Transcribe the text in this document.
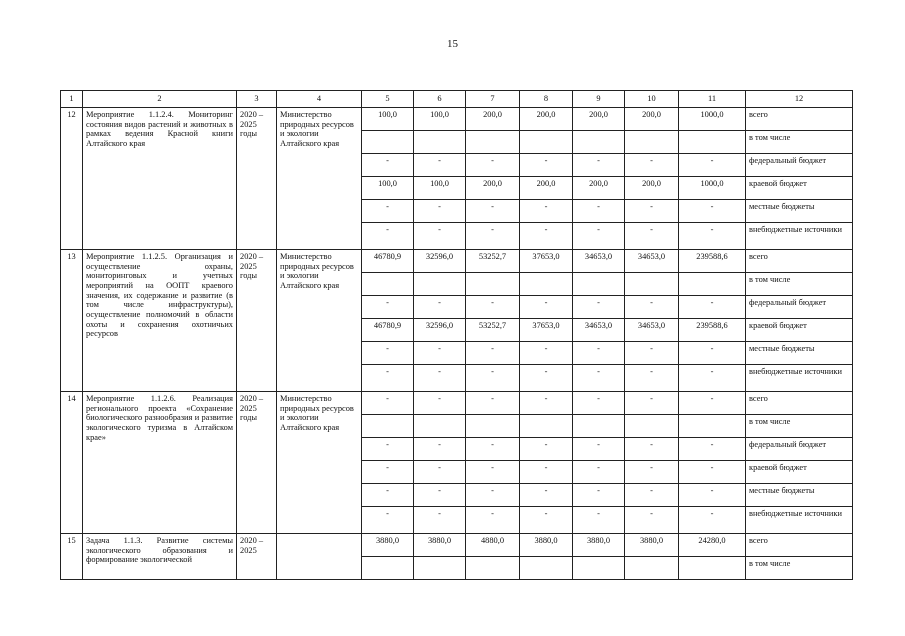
15
1	2	3	4	5	6	7	8	9	10	11	12
12	Мероприятие 1.1.2.4. Мониторинг состояния видов растений и животных в рамках ведения Красной книги Алтайского края	2020 – 2025 годы	Министерство природных ресурсов и экологии Алтайского края	100,0	100,0	200,0	200,0	200,0	200,0	1000,0	всего
											в том числе
				-	-	-	-	-	-	-	федеральный бюджет
				100,0	100,0	200,0	200,0	200,0	200,0	1000,0	краевой бюджет
				-	-	-	-	-	-	-	местные бюджеты
				-	-	-	-	-	-	-	внебюджетные источники
13	Мероприятие 1.1.2.5. Организация и осуществление охраны, мониторинговых и учетных мероприятий на ООПТ краевого значения, их содержание и развитие (в том числе инфраструктуры), осуществление полномочий в области охоты и сохранения охотничьих ресурсов	2020 – 2025 годы	Министерство природных ресурсов и экологии Алтайского края	46780,9	32596,0	53252,7	37653,0	34653,0	34653,0	239588,6	всего
											в том числе
				-	-	-	-	-	-	-	федеральный бюджет
				46780,9	32596,0	53252,7	37653,0	34653,0	34653,0	239588,6	краевой бюджет
				-	-	-	-	-	-	-	местные бюджеты
				-	-	-	-	-	-	-	внебюджетные источники
14	Мероприятие 1.1.2.6. Реализация регионального проекта «Сохранение биологического разнообразия и развитие экологического туризма в Алтайском крае»	2020 – 2025 годы	Министерство природных ресурсов и экологии Алтайского края	-	-	-	-	-	-	-	всего
											в том числе
				-	-	-	-	-	-	-	федеральный бюджет
				-	-	-	-	-	-	-	краевой бюджет
				-	-	-	-	-	-	-	местные бюджеты
				-	-	-	-	-	-	-	внебюджетные источники
15	Задача 1.1.3. Развитие системы экологического образования и формирование экологической	2020 – 2025		3880,0	3880,0	4880,0	3880,0	3880,0	3880,0	24280,0	всего
											в том числе
